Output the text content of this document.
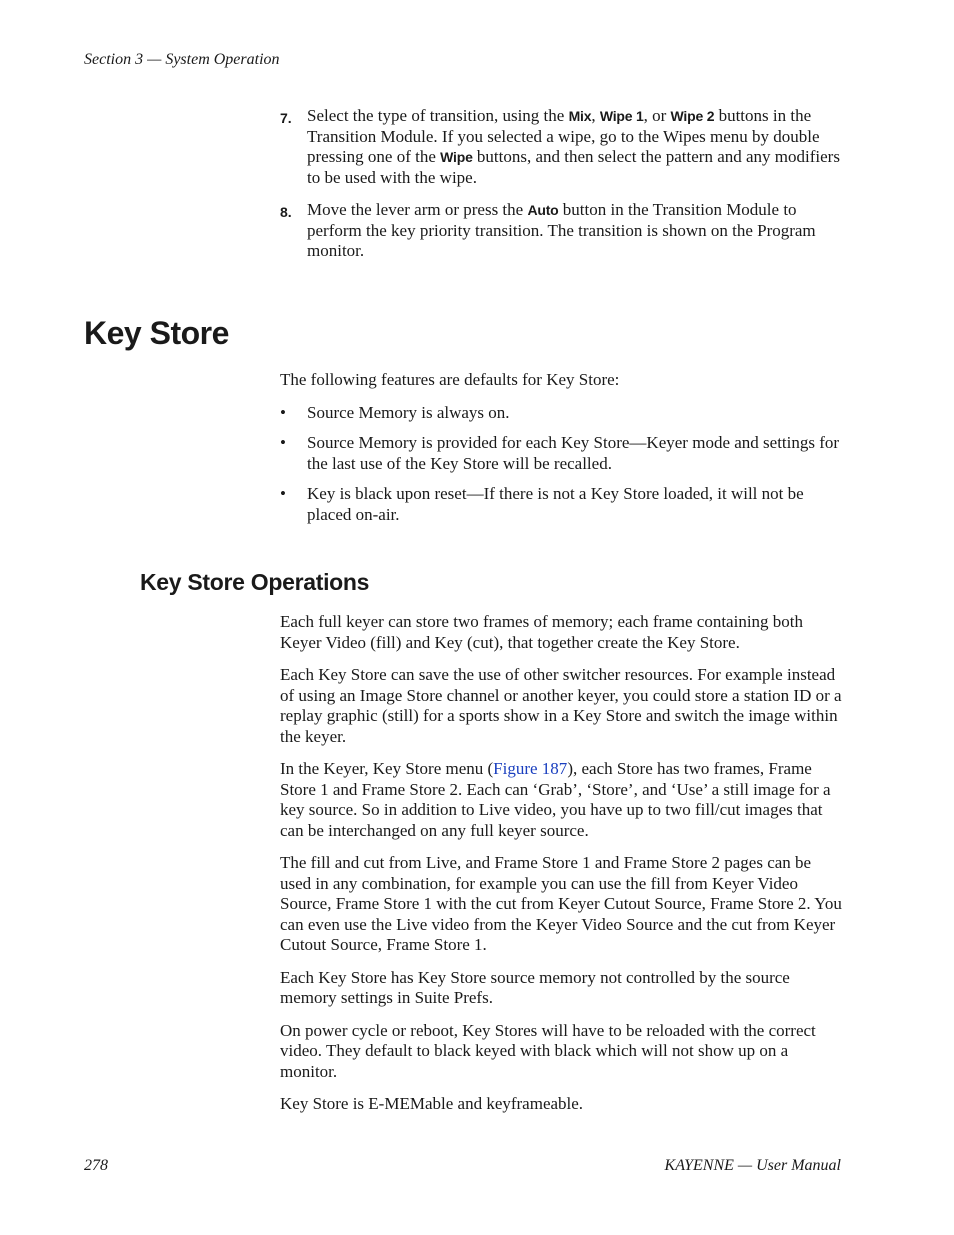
Section 3 — System Operation
7. Select the type of transition, using the Mix, Wipe 1, or Wipe 2 buttons in the Transition Module. If you selected a wipe, go to the Wipes menu by double pressing one of the Wipe buttons, and then select the pattern and any modifiers to be used with the wipe.
8. Move the lever arm or press the Auto button in the Transition Module to perform the key priority transition. The transition is shown on the Program monitor.
Key Store

The following features are defaults for Key Store:

•	Source Memory is always on.
•	Source Memory is provided for each Key Store—Keyer mode and settings for the last use of the Key Store will be recalled.
•	Key is black upon reset—If there is not a Key Store loaded, it will not be placed on-air.
Key Store Operations

Each full keyer can store two frames of memory; each frame containing both Keyer Video (fill) and Key (cut), that together create the Key Store.

Each Key Store can save the use of other switcher resources. For example instead of using an Image Store channel or another keyer, you could store a station ID or a replay graphic (still) for a sports show in a Key Store and switch the image within the keyer.

In the Keyer, Key Store menu (Figure 187), each Store has two frames, Frame Store 1 and Frame Store 2. Each can ‘Grab’, ‘Store’, and ‘Use’ a still image for a key source. So in addition to Live video, you have up to two fill/cut images that can be interchanged on any full keyer source.

The fill and cut from Live, and Frame Store 1 and Frame Store 2 pages can be used in any combination, for example you can use the fill from Keyer Video Source, Frame Store 1 with the cut from Keyer Cutout Source, Frame Store 2. You can even use the Live video from the Keyer Video Source and the cut from Keyer Cutout Source, Frame Store 1.

Each Key Store has Key Store source memory not controlled by the source memory settings in Suite Prefs.

On power cycle or reboot, Key Stores will have to be reloaded with the correct video. They default to black keyed with black which will not show up on a monitor.

Key Store is E-MEMable and keyframeable.

278	KAYENNE — User Manual
